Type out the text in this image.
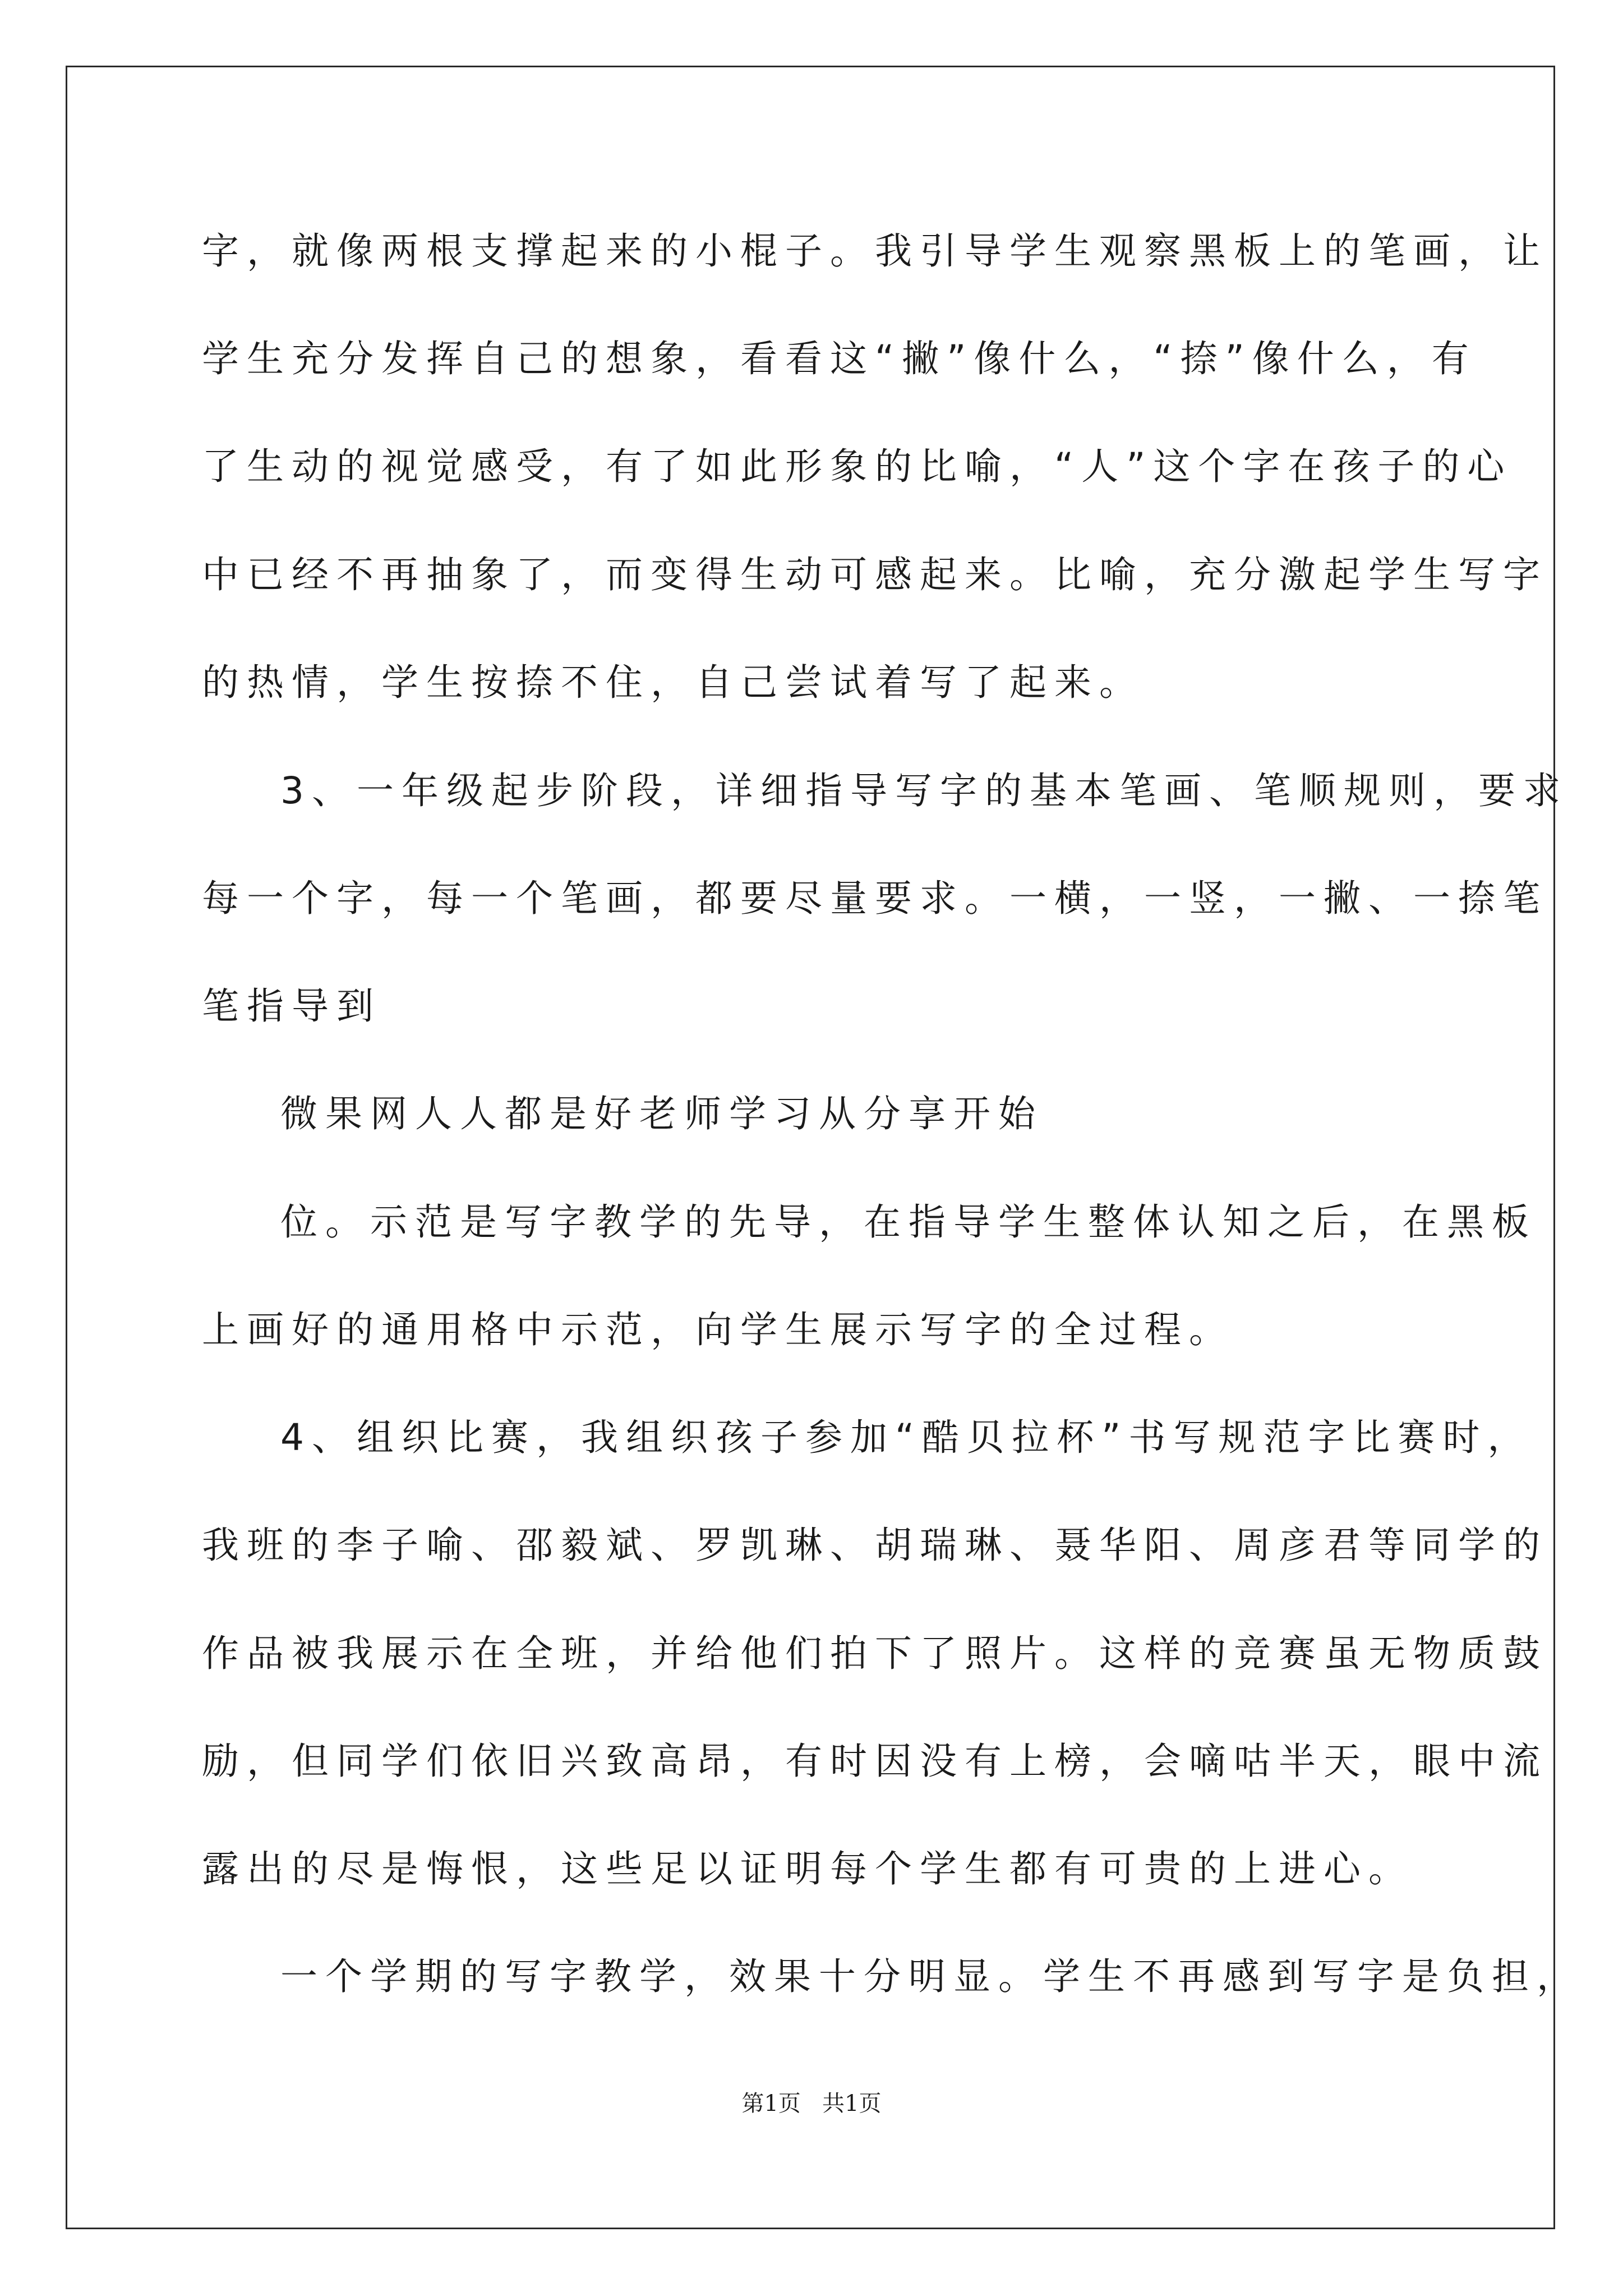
字，就像两根支撑起来的小棍子。我引导学生观察黑板上的笔画，让

学生充分发挥自己的想象，看看这“撇”像什么，“捺”像什么，有

了生动的视觉感受，有了如此形象的比喻，“人”这个字在孩子的心

中已经不再抽象了，而变得生动可感起来。比喻，充分激起学生写字

的热情，学生按捺不住，自己尝试着写了起来。

3、一年级起步阶段，详细指导写字的基本笔画、笔顺规则，要求

每一个字，每一个笔画，都要尽量要求。一横，一竖，一撇、一捺笔

笔指导到

微果网人人都是好老师学习从分享开始

位。示范是写字教学的先导，在指导学生整体认知之后，在黑板

上画好的通用格中示范，向学生展示写字的全过程。

4、组织比赛，我组织孩子参加“酷贝拉杯”书写规范字比赛时，

我班的李子喻、邵毅斌、罗凯琳、胡瑞琳、聂华阳、周彦君等同学的

作品被我展示在全班，并给他们拍下了照片。这样的竞赛虽无物质鼓

励，但同学们依旧兴致高昂，有时因没有上榜，会嘀咕半天，眼中流

露出的尽是悔恨，这些足以证明每个学生都有可贵的上进心。

一个学期的写字教学，效果十分明显。学生不再感到写字是负担，

第1页   共1页
